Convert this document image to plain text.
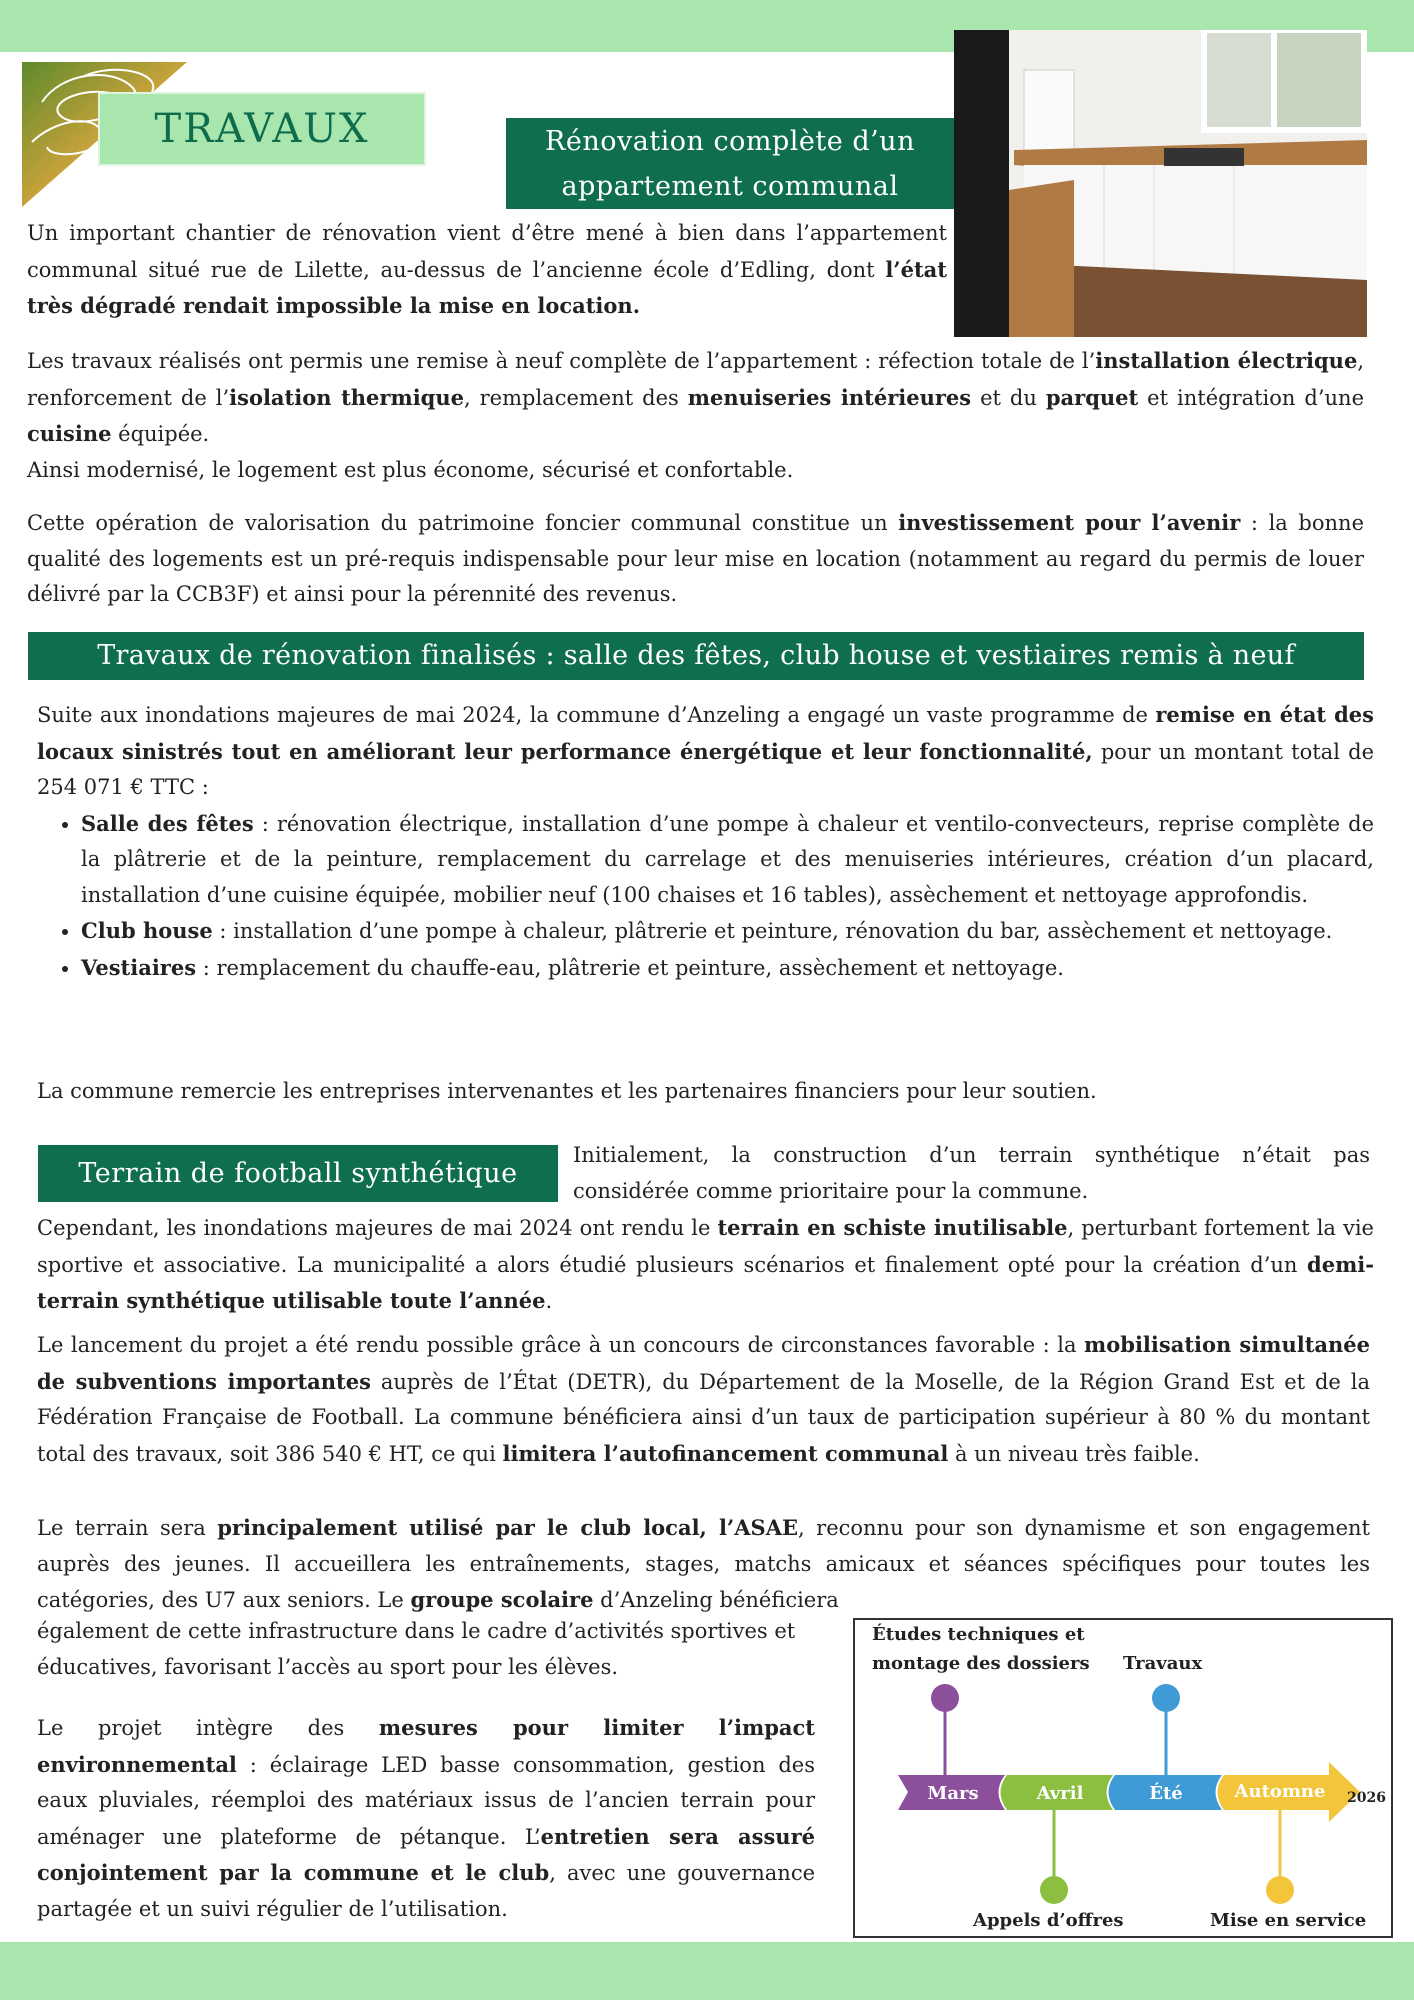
TRAVAUX	Rénovation complète d’un appartement communal
Un important chantier de rénovation vient d’être mené à bien dans l’appartement communal situé rue de Lilette, au-dessus de l’ancienne école d’Edling, dont l’état très dégradé rendait impossible la mise en location.

Les travaux réalisés ont permis une remise à neuf complète de l’appartement : réfection totale de l’installation électrique, renforcement de l’isolation thermique, remplacement des menuiseries intérieures et du parquet et intégration d’une cuisine équipée.

Ainsi modernisé, le logement est plus économe, sécurisé et confortable.

Cette opération de valorisation du patrimoine foncier communal constitue un investissement pour l’avenir : la bonne qualité des logements est un pré-requis indispensable pour leur mise en location (notamment au regard du permis de louer délivré par la CCB3F) et ainsi pour la pérennité des revenus.
Travaux de rénovation finalisés : salle des fêtes, club house et vestiaires remis à neuf

Suite aux inondations majeures de mai 2024, la commune d’Anzeling a engagé un vaste programme de remise en état des locaux sinistrés tout en améliorant leur performance énergétique et leur fonctionnalité, pour un montant total de 254 071 € TTC :

• Salle des fêtes : rénovation électrique, installation d’une pompe à chaleur et ventilo-convecteurs, reprise complète de la plâtrerie et de la peinture, remplacement du carrelage et des menuiseries intérieures, création d’un placard, installation d’une cuisine équipée, mobilier neuf (100 chaises et 16 tables), assèchement et nettoyage approfondis.
• Club house : installation d’une pompe à chaleur, plâtrerie et peinture, rénovation du bar, assèchement et nettoyage.
• Vestiaires : remplacement du chauffe-eau, plâtrerie et peinture, assèchement et nettoyage.
La commune remercie les entreprises intervenantes et les partenaires financiers pour leur soutien.
Terrain de football synthétique
Initialement, la construction d’un terrain synthétique n’était pas considérée comme prioritaire pour la commune.
Cependant, les inondations majeures de mai 2024 ont rendu le terrain en schiste inutilisable, perturbant fortement la vie sportive et associative. La municipalité a alors étudié plusieurs scénarios et finalement opté pour la création d’un demi-terrain synthétique utilisable toute l’année.
Le lancement du projet a été rendu possible grâce à un concours de circonstances favorable : la mobilisation simultanée de subventions importantes auprès de l’État (DETR), du Département de la Moselle, de la Région Grand Est et de la Fédération Française de Football. La commune bénéficiera ainsi d’un taux de participation supérieur à 80 % du montant total des travaux, soit 386 540 € HT, ce qui limitera l’autofinancement communal à un niveau très faible.
Le terrain sera principalement utilisé par le club local, l’ASAE, reconnu pour son dynamisme et son engagement auprès des jeunes. Il accueillera les entraînements, stages, matchs amicaux et séances spécifiques pour toutes les catégories, des U7 aux seniors. Le groupe scolaire d’Anzeling bénéficiera
également de cette infrastructure dans le cadre d’activités sportives et éducatives, favorisant l’accès au sport pour les élèves.
Le projet intègre des mesures pour limiter l’impact environnemental : éclairage LED basse consommation, gestion des eaux pluviales, réemploi des matériaux issus de l’ancien terrain pour aménager une plateforme de pétanque. L’entretien sera assuré conjointement par la commune et le club, avec une gouvernance partagée et un suivi régulier de l’utilisation.
Études techniques et montage des dossiers	Travaux
Appels d’offres	Mise en service
Mars	Avril	Été	Automne 2026
